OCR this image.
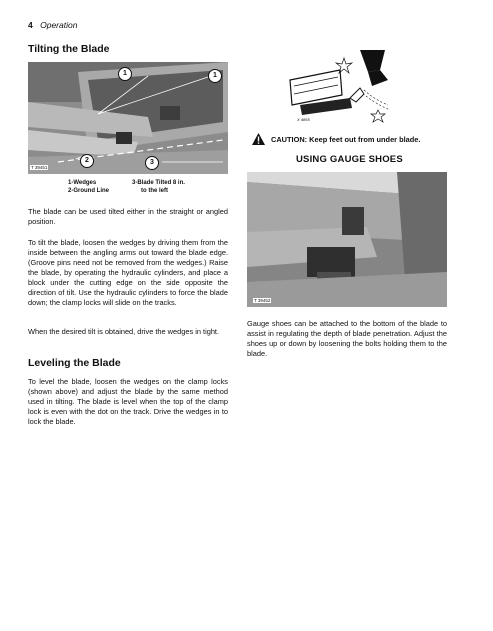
4 Operation
Tilting the Blade
1	1
2	3
T 39451
1-Wedges
2-Ground Line
3-Blade Tilted 8 in.
to the left
The blade can be used tilted either in the straight or angled position.
To tilt the blade, loosen the wedges by driving them from the inside between the angling arms out toward the blade edge. (Groove pins need not be removed from the wedges.) Raise the blade, by operating the hydraulic cylinders, and place a block under the cutting edge on the side opposite the direction of tilt. Use the hydraulic cylinders to force the blade down; the clamp locks will slide on the tracks.
When the desired tilt is obtained, drive the wedges in tight.
Leveling the Blade
To level the blade, loosen the wedges on the clamp locks (shown above) and adjust the blade by the same method used in tilting. The blade is level when the top of the clamp lock is even with the dot on the track. Drive the wedges in to lock the blade.
X 4865
CAUTION: Keep feet out from under blade.
USING GAUGE SHOES
T 39452
Gauge shoes can be attached to the bottom of the blade to assist in regulating the depth of blade penetration. Adjust the shoes up or down by loosening the bolts holding them to the blade.
